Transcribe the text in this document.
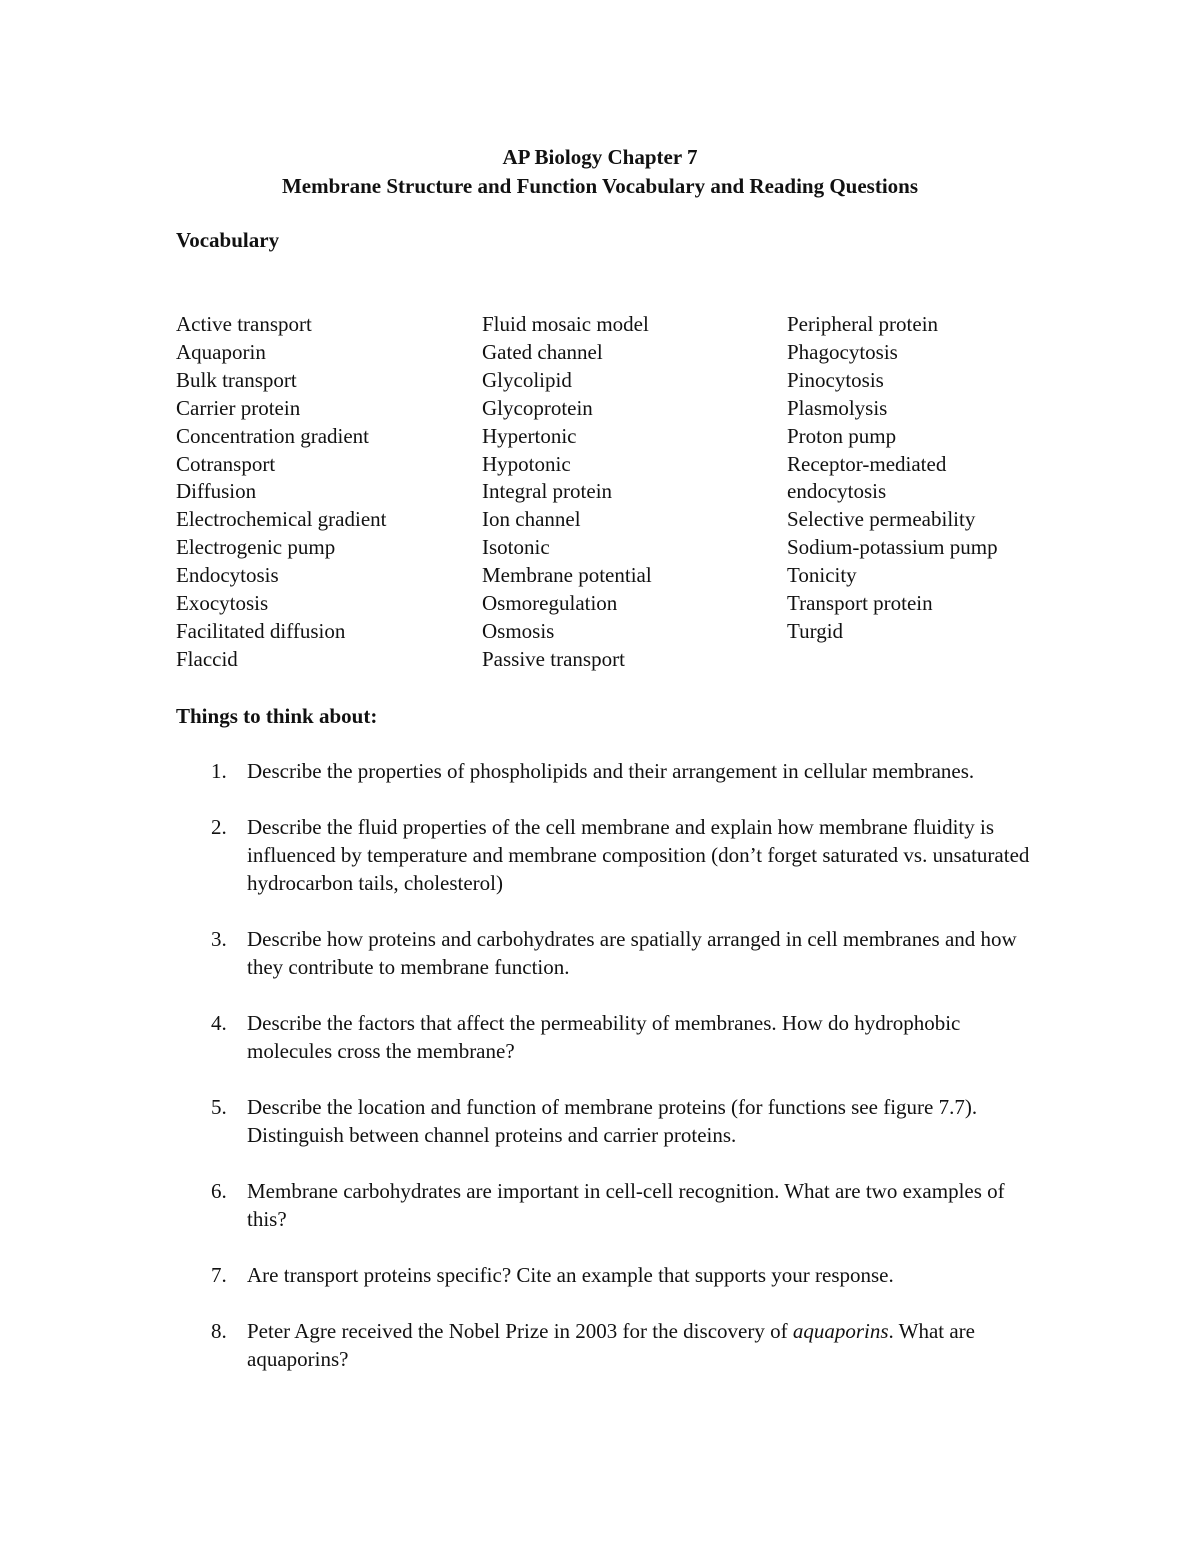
AP Biology Chapter 7
Membrane Structure and Function Vocabulary and Reading Questions
Vocabulary
Active transport
Aquaporin
Bulk transport
Carrier protein
Concentration gradient
Cotransport
Diffusion
Electrochemical gradient
Electrogenic pump
Endocytosis
Exocytosis
Facilitated diffusion
Flaccid
Fluid mosaic model
Gated channel
Glycolipid
Glycoprotein
Hypertonic
Hypotonic
Integral protein
Ion channel
Isotonic
Membrane potential
Osmoregulation
Osmosis
Passive transport
Peripheral protein
Phagocytosis
Pinocytosis
Plasmolysis
Proton pump
Receptor-mediated
endocytosis
Selective permeability
Sodium-potassium pump
Tonicity
Transport protein
Turgid
Things to think about:
1. Describe the properties of phospholipids and their arrangement in cellular membranes.
2. Describe the fluid properties of the cell membrane and explain how membrane fluidity is influenced by temperature and membrane composition (don’t forget saturated vs. unsaturated hydrocarbon tails, cholesterol)
3. Describe how proteins and carbohydrates are spatially arranged in cell membranes and how they contribute to membrane function.
4. Describe the factors that affect the permeability of membranes. How do hydrophobic molecules cross the membrane?
5. Describe the location and function of membrane proteins (for functions see figure 7.7). Distinguish between channel proteins and carrier proteins.
6. Membrane carbohydrates are important in cell-cell recognition. What are two examples of this?
7. Are transport proteins specific? Cite an example that supports your response.
8. Peter Agre received the Nobel Prize in 2003 for the discovery of aquaporins. What are aquaporins?
